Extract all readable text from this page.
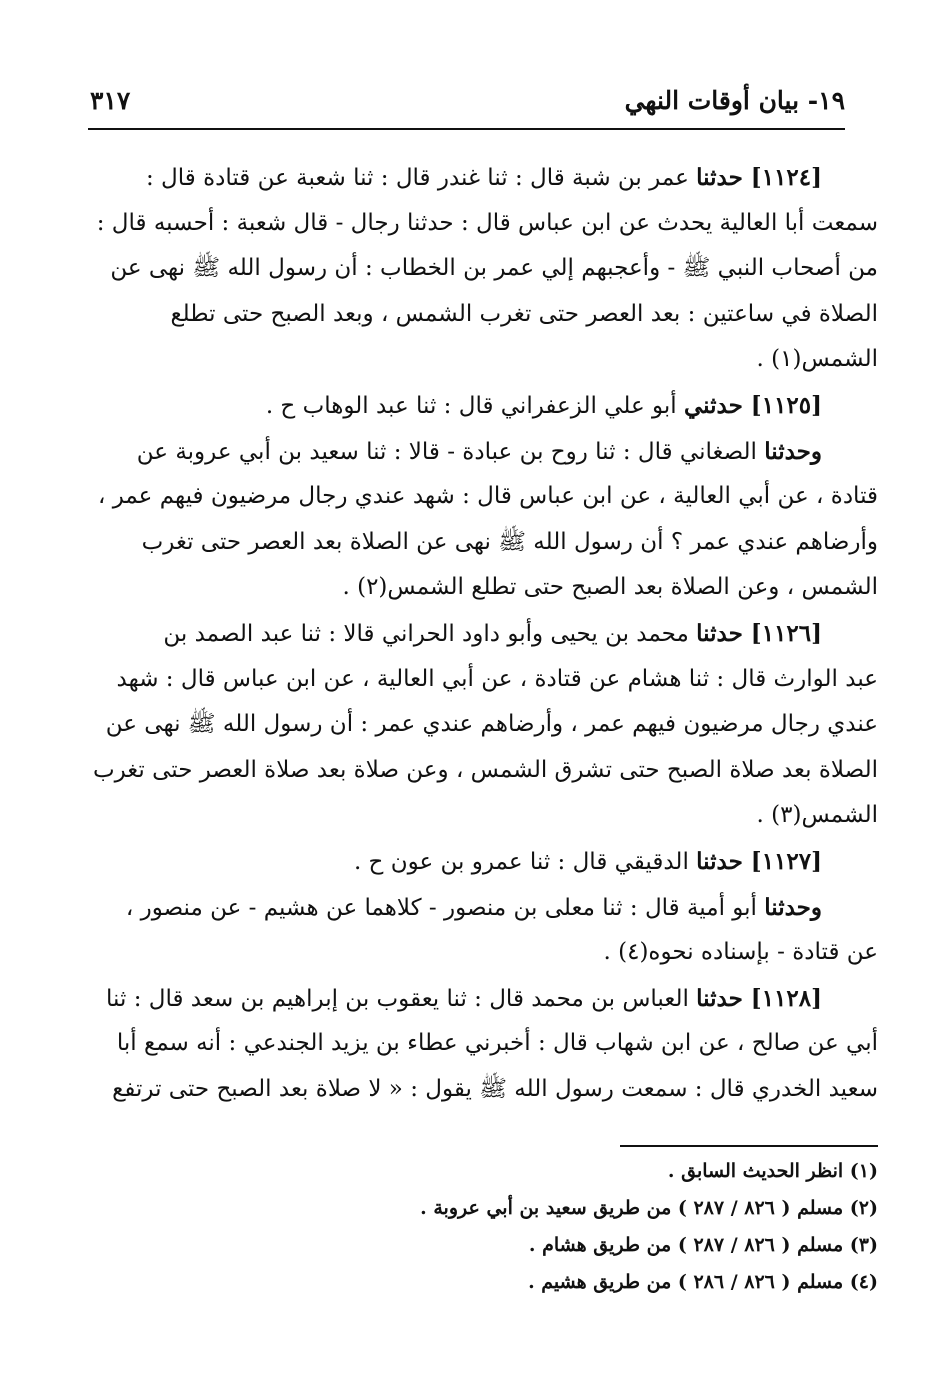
١٩- بيان أوقات النهي
٣١٧
[١١٢٤] حدثنا عمر بن شبة قال : ثنا غندر قال : ثنا شعبة عن قتادة قال :
سمعت أبا العالية يحدث عن ابن عباس قال : حدثنا رجال - قال شعبة : أحسبه قال :
من أصحاب النبي ﷺ - وأعجبهم إلي عمر بن الخطاب : أن رسول الله ﷺ نهى عن
الصلاة في ساعتين : بعد العصر حتى تغرب الشمس ، وبعد الصبح حتى تطلع
الشمس(١) .
[١١٢٥] حدثني أبو علي الزعفراني قال : ثنا عبد الوهاب ح .
وحدثنا الصغاني قال : ثنا روح بن عبادة - قالا : ثنا سعيد بن أبي عروبة عن
قتادة ، عن أبي العالية ، عن ابن عباس قال : شهد عندي رجال مرضيون فيهم عمر ،
وأرضاهم عندي عمر ؟ أن رسول الله ﷺ نهى عن الصلاة بعد العصر حتى تغرب
الشمس ، وعن الصلاة بعد الصبح حتى تطلع الشمس(٢) .
[١١٢٦] حدثنا محمد بن يحيى وأبو داود الحراني قالا : ثنا عبد الصمد بن
عبد الوارث قال : ثنا هشام عن قتادة ، عن أبي العالية ، عن ابن عباس قال : شهد
عندي رجال مرضيون فيهم عمر ، وأرضاهم عندي عمر : أن رسول الله ﷺ نهى عن
الصلاة بعد صلاة الصبح حتى تشرق الشمس ، وعن صلاة بعد صلاة العصر حتى تغرب
الشمس(٣) .
[١١٢٧] حدثنا الدقيقي قال : ثنا عمرو بن عون ح .
وحدثنا أبو أمية قال : ثنا معلى بن منصور - كلاهما عن هشيم - عن منصور ،
عن قتادة - بإسناده نحوه(٤) .
[١١٢٨] حدثنا العباس بن محمد قال : ثنا يعقوب بن إبراهيم بن سعد قال : ثنا
أبي عن صالح ، عن ابن شهاب قال : أخبرني عطاء بن يزيد الجندعي : أنه سمع أبا
سعيد الخدري قال : سمعت رسول الله ﷺ يقول : « لا صلاة بعد الصبح حتى ترتفع
(١) انظر الحديث السابق .
(٢) مسلم ( ٨٢٦ / ٢٨٧ ) من طريق سعيد بن أبي عروبة .
(٣) مسلم ( ٨٢٦ / ٢٨٧ ) من طريق هشام .
(٤) مسلم ( ٨٢٦ / ٢٨٦ ) من طريق هشيم .
